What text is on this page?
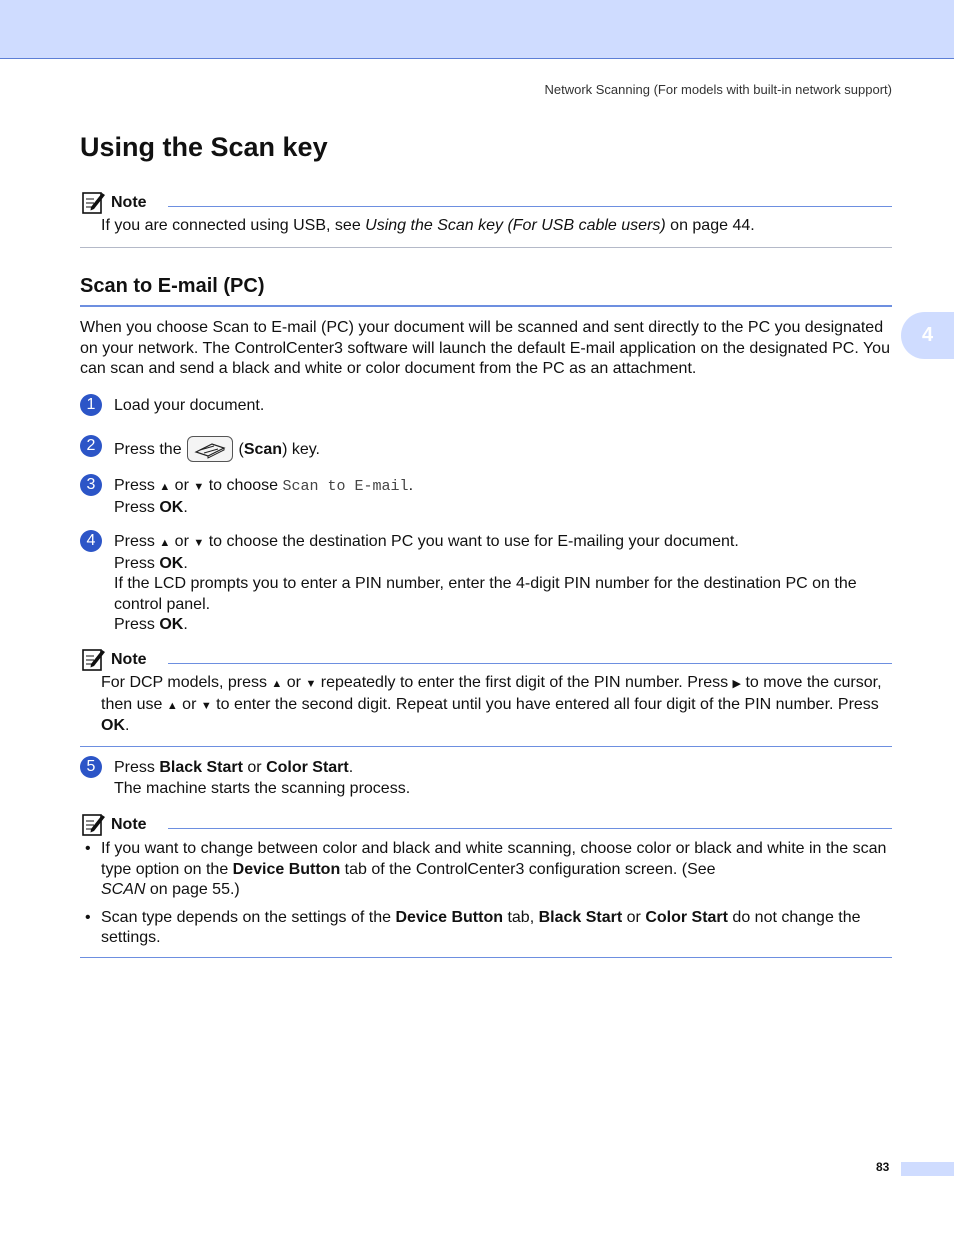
Network Scanning (For models with built-in network support)
Using the Scan key
Note
If you are connected using USB, see Using the Scan key (For USB cable users) on page 44.
Scan to E-mail (PC)
4

When you choose Scan to E-mail (PC) your document will be scanned and sent directly to the PC you designated on your network. The ControlCenter3 software will launch the default E-mail application on the designated PC. You can scan and send a black and white or color document from the PC as an attachment.

1	Load your document.
2	Press the	(Scan) key.
3	Press ▲ or ▼ to choose Scan to E-mail.
Press OK.
4	Press ▲ or ▼ to choose the destination PC you want to use for E-mailing your document.
Press OK.
If the LCD prompts you to enter a PIN number, enter the 4-digit PIN number for the destination PC on the control panel.
Press OK.
Note
For DCP models, press ▲ or ▼ repeatedly to enter the first digit of the PIN number. Press ▶ to move the cursor, then use ▲ or ▼ to enter the second digit. Repeat until you have entered all four digit of the PIN number. Press OK.
5	Press Black Start or Color Start.
The machine starts the scanning process.
Note
• If you want to change between color and black and white scanning, choose color or black and white in the scan type option on the Device Button tab of the ControlCenter3 configuration screen. (See
SCAN on page 55.)
• Scan type depends on the settings of the Device Button tab, Black Start or Color Start do not change the settings.
83
